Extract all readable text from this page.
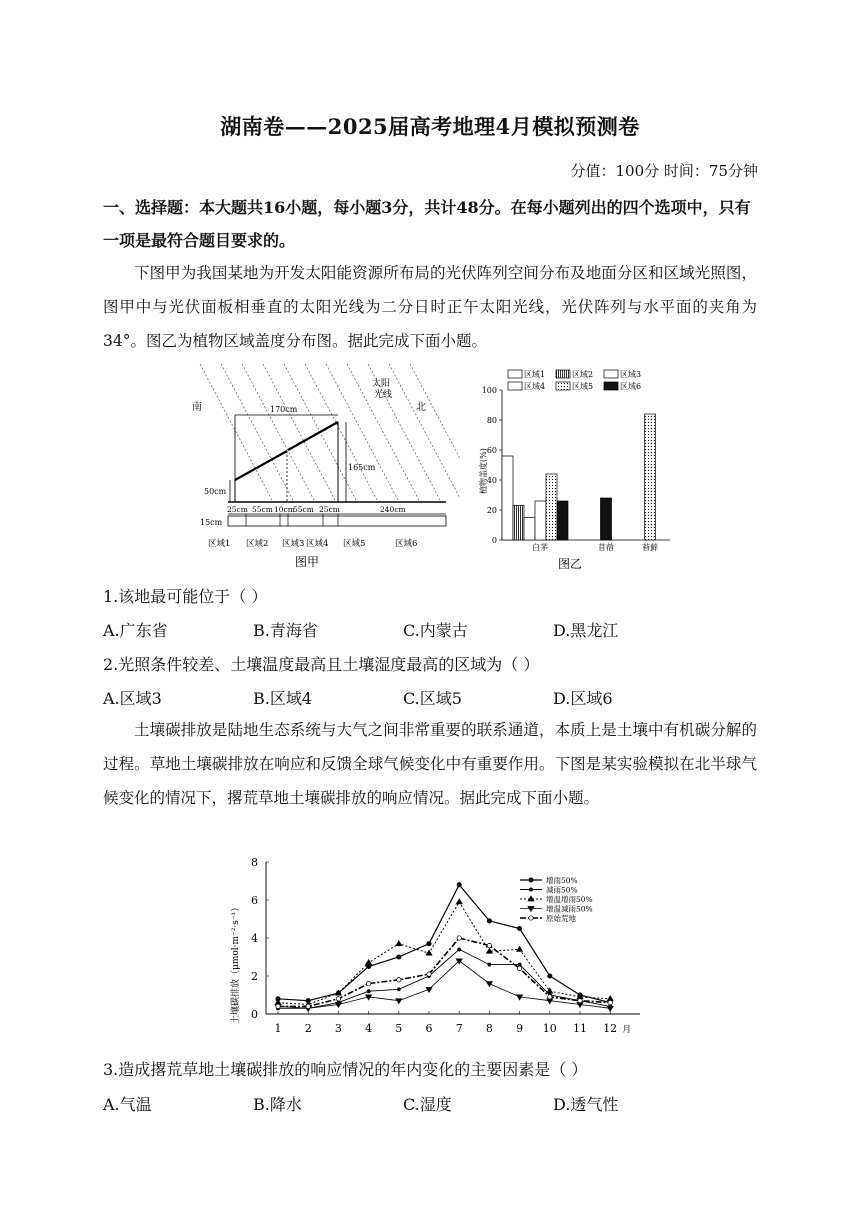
湖南卷——2025届高考地理4月模拟预测卷
分值：100分 时间：75分钟
一、选择题：本大题共16小题，每小题3分，共计48分。在每小题列出的四个选项中，只有一项是最符合题目要求的。
下图甲为我国某地为开发太阳能资源所布局的光伏阵列空间分布及地面分区和区域光照图，图甲中与光伏面板相垂直的太阳光线为二分日时正午太阳光线，光伏阵列与水平面的夹角为34°。图乙为植物区域盖度分布图。据此完成下面小题。
南	北
太阳
光线
170cm
165cm
50cm
25cm 55cm 10cm
55cm 25cm	240cm
15cm
区域1 区域2 区域3 区域4 区域5	区域6
图甲
区域1	区域2	区域3
区域4	区域5	区域6
0
20
40
60
80
100
白茅	苜蓿	苔藓
植物盖度(%)
图乙
1.该地最可能位于（ ）
A.广东省	B.青海省	C.内蒙古	D.黑龙江
2.光照条件较差、土壤温度最高且土壤湿度最高的区域为（ ）
A.区域3	B.区域4	C.区域5	D.区域6
土壤碳排放是陆地生态系统与大气之间非常重要的联系通道，本质上是土壤中有机碳分解的过程。草地土壤碳排放在响应和反馈全球气候变化中有重要作用。下图是某实验模拟在北半球气候变化的情况下，撂荒草地土壤碳排放的响应情况。据此完成下面小题。
0
2
4
6
8
1 2 3 4 5 6 7 8 9 10 11 12 月
增雨50%
减雨50%
增温增雨50%
增温减雨50%
原始荒地
土壤碳排放（μmol·m⁻²·s⁻¹）
3.造成撂荒草地土壤碳排放的响应情况的年内变化的主要因素是（ ）
A.气温	B.降水	C.湿度	D.透气性
